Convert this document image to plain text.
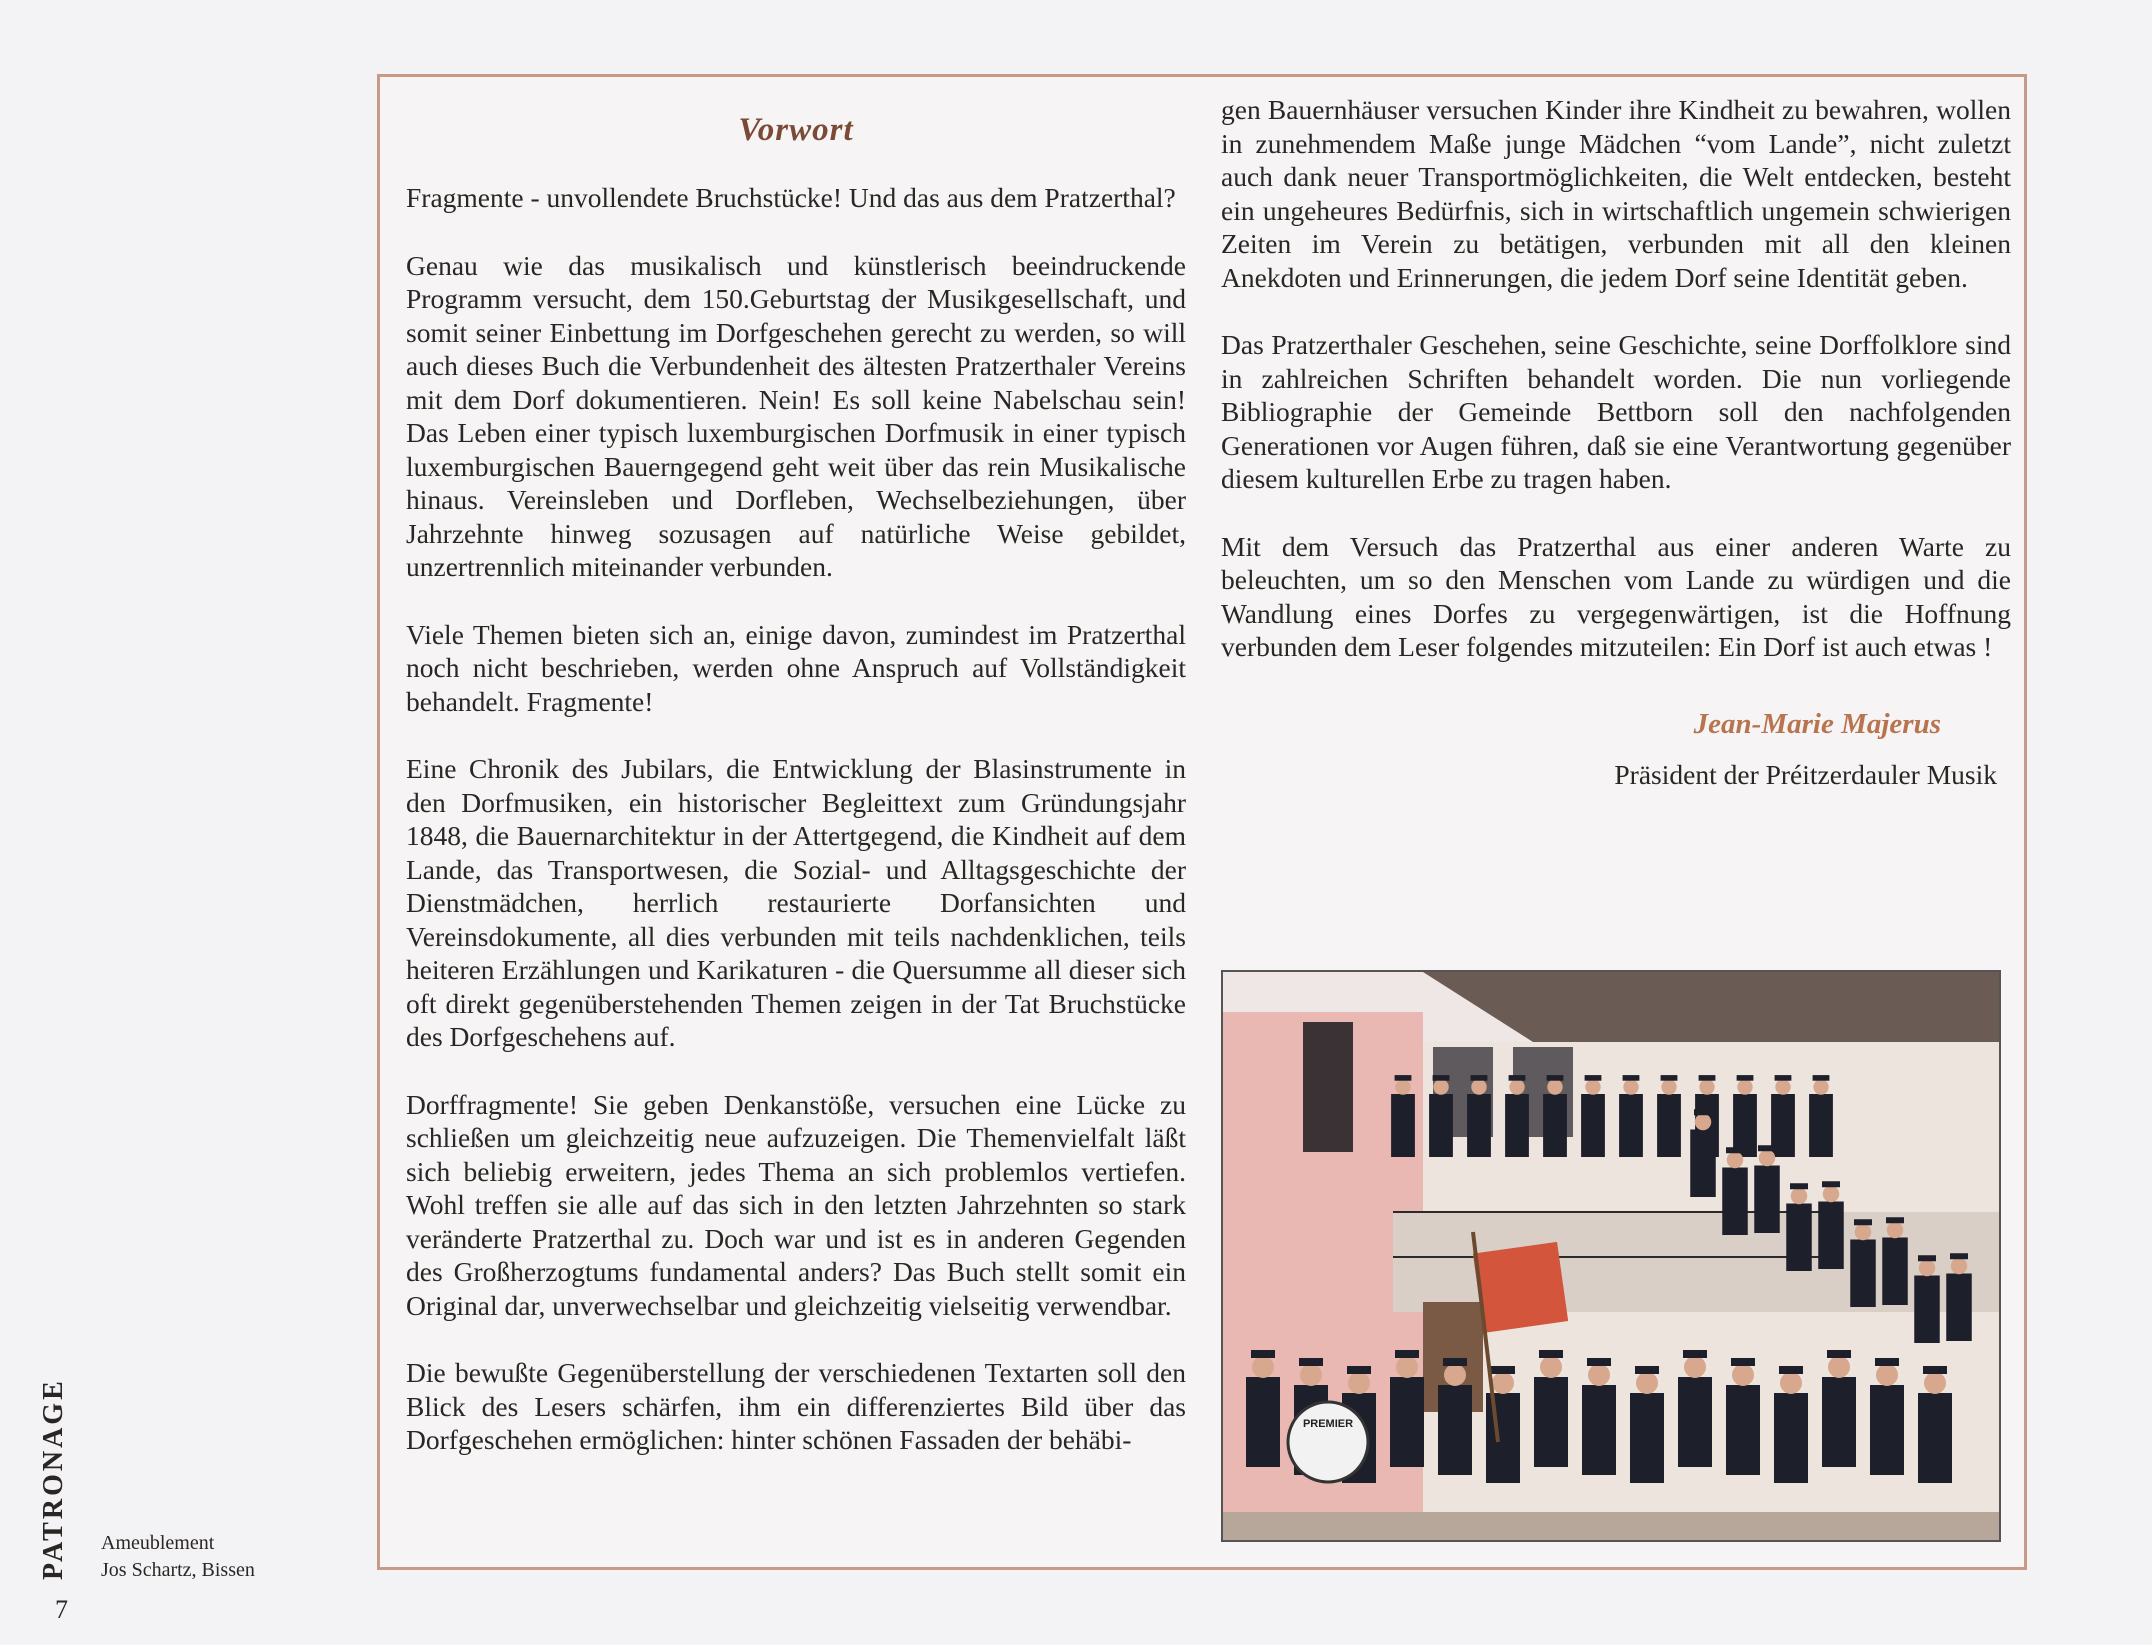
Vorwort

Fragmente - unvollendete Bruchstücke! Und das aus dem Pratzerthal?

Genau wie das musikalisch und künstlerisch beeindruckende Programm versucht, dem 150.Geburtstag der Musikgesellschaft, und somit seiner Einbettung im Dorfgeschehen gerecht zu werden, so will auch dieses Buch die Verbundenheit des ältesten Pratzerthaler Vereins mit dem Dorf dokumentieren. Nein! Es soll keine Nabelschau sein! Das Leben einer typisch luxemburgischen Dorfmusik in einer typisch luxemburgischen Bauerngegend geht weit über das rein Musikalische hinaus. Vereinsleben und Dorfleben, Wechselbeziehungen, über Jahrzehnte hinweg sozusagen auf natürliche Weise gebildet, unzertrennlich miteinander verbunden.

Viele Themen bieten sich an, einige davon, zumindest im Pratzerthal noch nicht beschrieben, werden ohne Anspruch auf Vollständigkeit behandelt. Fragmente!

Eine Chronik des Jubilars, die Entwicklung der Blasinstrumente in den Dorfmusiken, ein historischer Begleittext zum Gründungsjahr 1848, die Bauernarchitektur in der Attertgegend, die Kindheit auf dem Lande, das Transportwesen, die Sozial- und Alltagsgeschichte der Dienstmädchen, herrlich restaurierte Dorfansichten und Vereinsdokumente, all dies verbunden mit teils nachdenklichen, teils heiteren Erzählungen und Karikaturen - die Quersumme all dieser sich oft direkt gegenüberstehenden Themen zeigen in der Tat Bruchstücke des Dorfgeschehens auf.

Dorffragmente! Sie geben Denkanstöße, versuchen eine Lücke zu schließen um gleichzeitig neue aufzuzeigen. Die Themenvielfalt läßt sich beliebig erweitern, jedes Thema an sich problemlos vertiefen. Wohl treffen sie alle auf das sich in den letzten Jahrzehnten so stark veränderte Pratzerthal zu. Doch war und ist es in anderen Gegenden des Großherzogtums fundamental anders? Das Buch stellt somit ein Original dar, unverwechselbar und gleichzeitig vielseitig verwendbar.

Die bewußte Gegenüberstellung der verschiedenen Textarten soll den Blick des Lesers schärfen, ihm ein differenziertes Bild über das Dorfgeschehen ermöglichen: hinter schönen Fassaden der behäbi-

gen Bauernhäuser versuchen Kinder ihre Kindheit zu bewahren, wollen in zunehmendem Maße junge Mädchen “vom Lande”, nicht zuletzt auch dank neuer Transportmöglichkeiten, die Welt entdecken, besteht ein ungeheures Bedürfnis, sich in wirtschaftlich ungemein schwierigen Zeiten im Verein zu betätigen, verbunden mit all den kleinen Anekdoten und Erinnerungen, die jedem Dorf seine Identität geben.

Das Pratzerthaler Geschehen, seine Geschichte, seine Dorffolklore sind in zahlreichen Schriften behandelt worden. Die nun vorliegende Bibliographie der Gemeinde Bettborn soll den nachfolgenden Generationen vor Augen führen, daß sie eine Verantwortung gegenüber diesem kulturellen Erbe zu tragen haben.

Mit dem Versuch das Pratzerthal aus einer anderen Warte zu beleuchten, um so den Menschen vom Lande zu würdigen und die Wandlung eines Dorfes zu vergegenwärtigen, ist die Hoffnung verbunden dem Leser folgendes mitzuteilen: Ein Dorf ist auch etwas !

Jean-Marie Majerus
Präsident der Préitzerdauler Musik
PREMIER
PATRONAGE
7
Ameublement
Jos Schartz, Bissen
